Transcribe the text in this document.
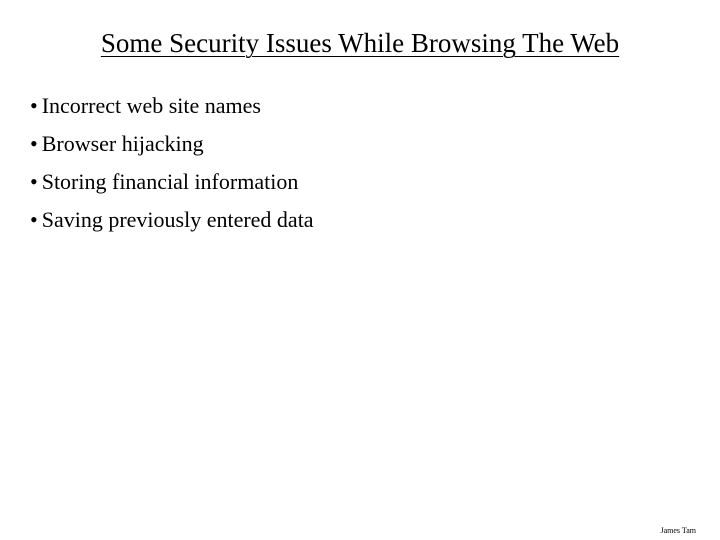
Some Security Issues While Browsing The Web
• Incorrect web site names
• Browser hijacking
• Storing financial information
• Saving previously entered data
James Tam
